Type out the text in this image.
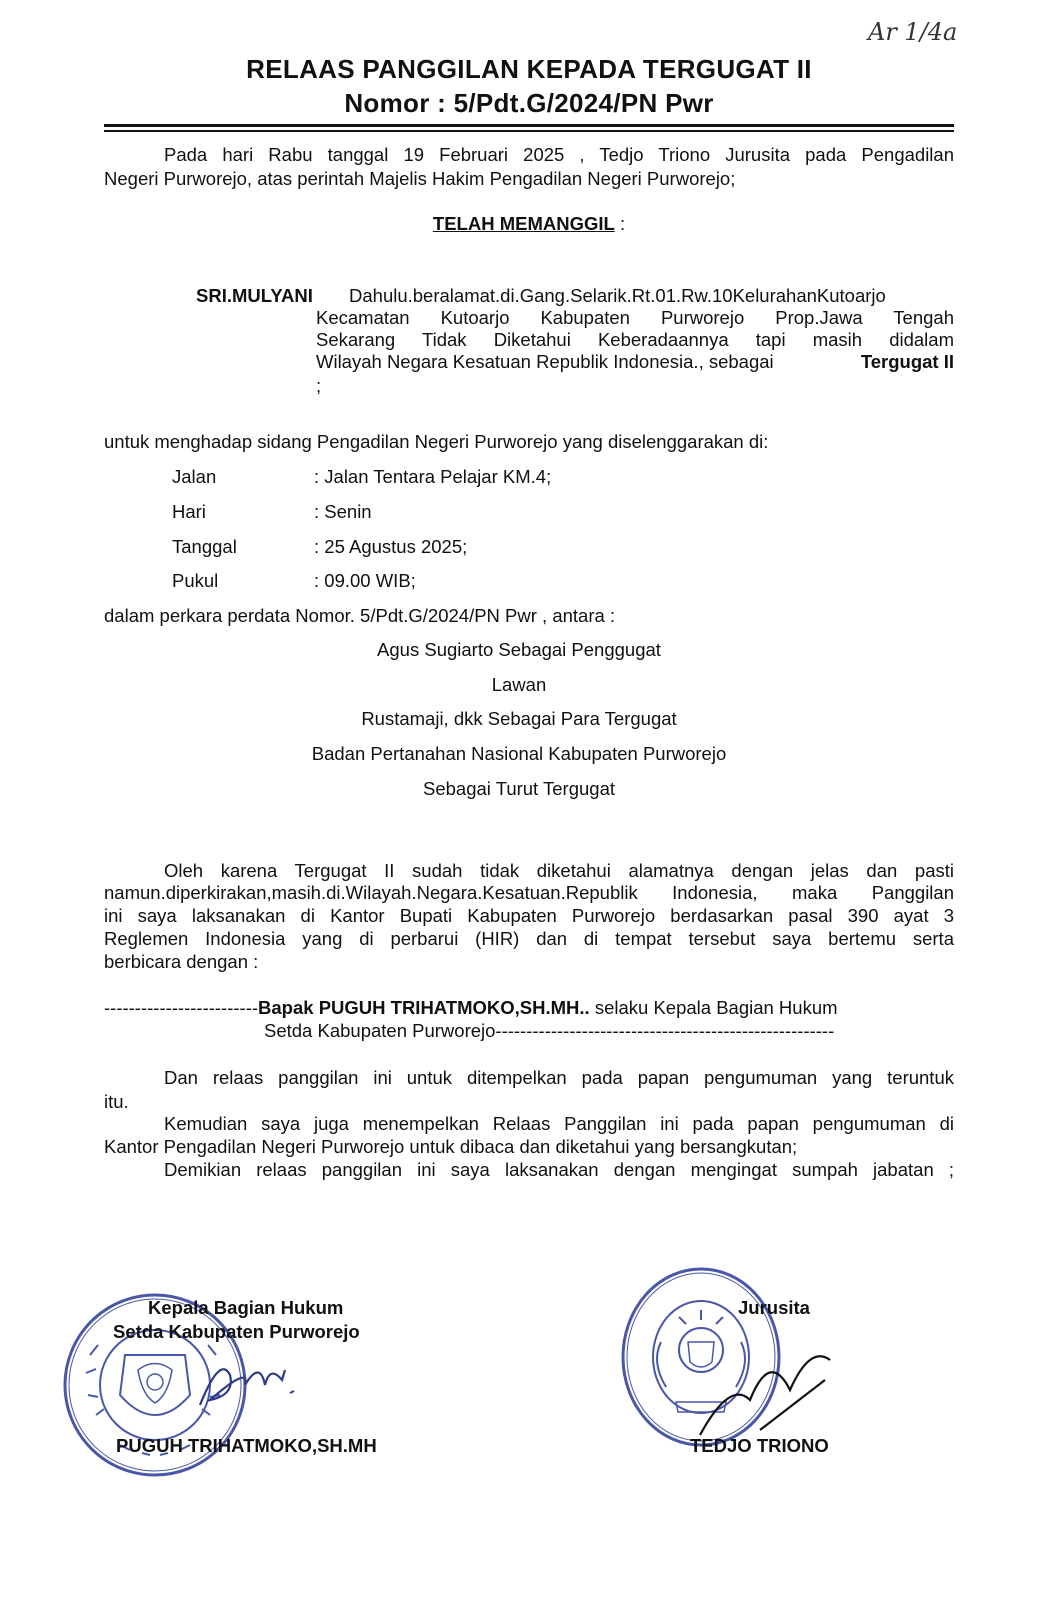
Ar 1/4a
RELAAS PANGGILAN KEPADA TERGUGAT II
Nomor : 5/Pdt.G/2024/PN Pwr
Pada hari Rabu tanggal 19 Februari 2025 , Tedjo Triono Jurusita pada Pengadilan
Negeri Purworejo, atas perintah Majelis Hakim Pengadilan Negeri Purworejo;
TELAH MEMANGGIL :
SRI.MULYANI Dahulu.beralamat.di.Gang.Selarik.Rt.01.Rw.10KelurahanKutoarjo
Kecamatan Kutoarjo Kabupaten Purworejo Prop.Jawa Tengah
Sekarang Tidak Diketahui Keberadaannya tapi masih didalam
Wilayah Negara Kesatuan Republik Indonesia., sebagai	Tergugat II
;
untuk menghadap sidang Pengadilan Negeri Purworejo yang diselenggarakan di:
Jalan	: Jalan Tentara Pelajar KM.4;
Hari	: Senin
Tanggal	: 25 Agustus 2025;
Pukul	: 09.00 WIB;
dalam perkara perdata Nomor. 5/Pdt.G/2024/PN Pwr , antara :
Agus Sugiarto Sebagai Penggugat
Lawan
Rustamaji, dkk Sebagai Para Tergugat
Badan Pertanahan Nasional Kabupaten Purworejo
Sebagai Turut Tergugat
Oleh karena Tergugat II sudah tidak diketahui alamatnya dengan jelas dan pasti
namun.diperkirakan,masih.di.Wilayah.Negara.Kesatuan.Republik Indonesia, maka Panggilan
ini saya laksanakan di Kantor Bupati Kabupaten Purworejo berdasarkan pasal 390 ayat 3
Reglemen Indonesia yang di perbarui (HIR) dan di tempat tersebut saya bertemu serta
berbicara dengan :
-------------------------Bapak PUGUH TRIHATMOKO,SH.MH.. selaku Kepala Bagian Hukum
Setda Kabupaten Purworejo-------------------------------------------------------
Dan relaas panggilan ini untuk ditempelkan pada papan pengumuman yang teruntuk
itu.
Kemudian saya juga menempelkan Relaas Panggilan ini pada papan pengumuman di
Kantor Pengadilan Negeri Purworejo untuk dibaca dan diketahui yang bersangkutan;
Demikian relaas panggilan ini saya laksanakan dengan mengingat sumpah jabatan ;
Kepala Bagian Hukum
Setda Kabupaten Purworejo
PUGUH TRIHATMOKO,SH.MH
Jurusita
TEDJO TRIONO
